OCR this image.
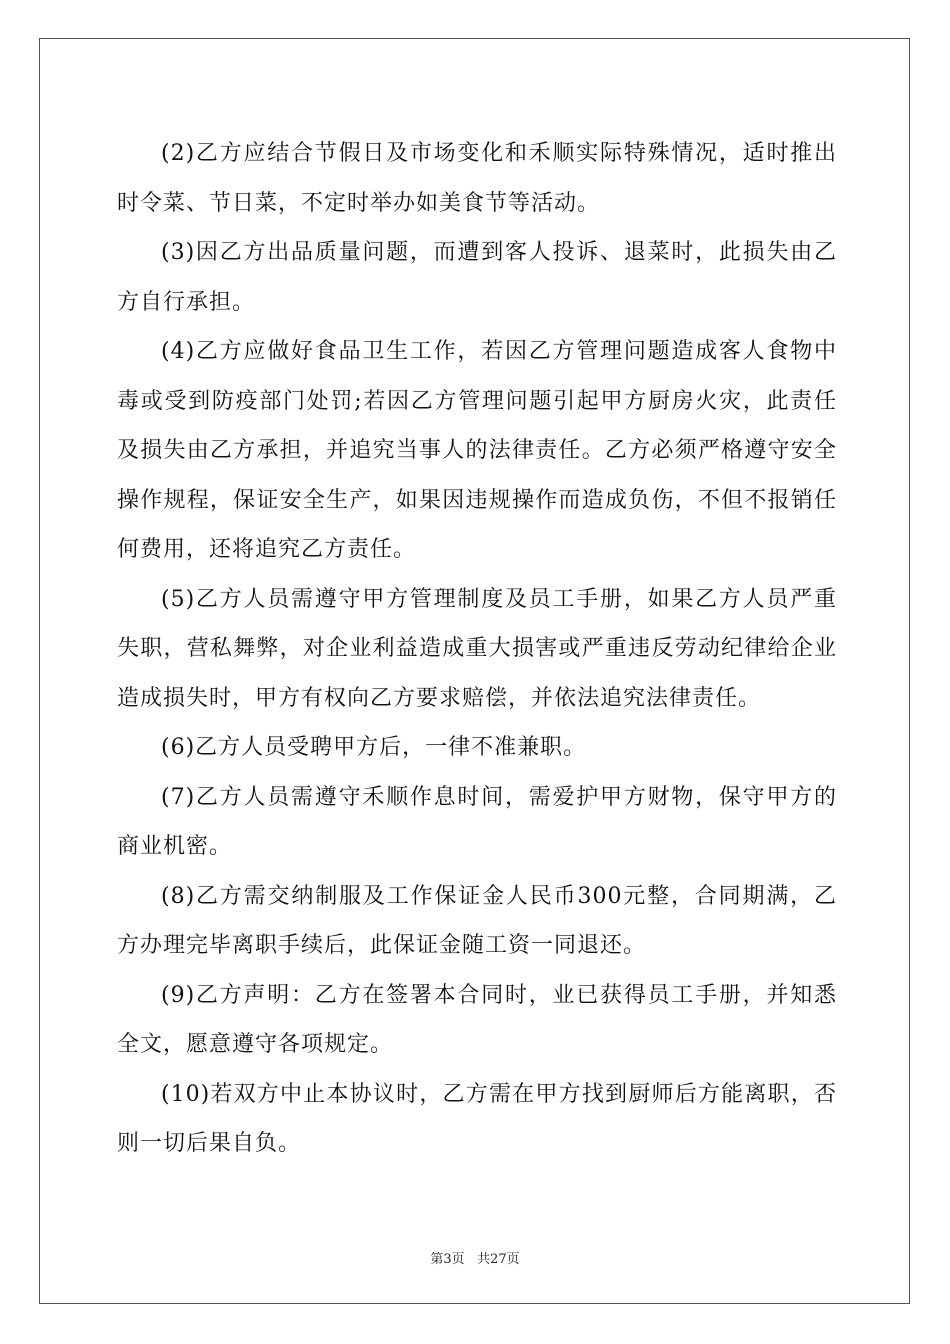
(2)乙方应结合节假日及市场变化和禾顺实际特殊情况，适时推出时令菜、节日菜，不定时举办如美食节等活动。

(3)因乙方出品质量问题，而遭到客人投诉、退菜时，此损失由乙方自行承担。

(4)乙方应做好食品卫生工作，若因乙方管理问题造成客人食物中毒或受到防疫部门处罚;若因乙方管理问题引起甲方厨房火灾，此责任及损失由乙方承担，并追究当事人的法律责任。乙方必须严格遵守安全操作规程，保证安全生产，如果因违规操作而造成负伤，不但不报销任何费用，还将追究乙方责任。

(5)乙方人员需遵守甲方管理制度及员工手册，如果乙方人员严重失职，营私舞弊，对企业利益造成重大损害或严重违反劳动纪律给企业造成损失时，甲方有权向乙方要求赔偿，并依法追究法律责任。

(6)乙方人员受聘甲方后，一律不准兼职。

(7)乙方人员需遵守禾顺作息时间，需爱护甲方财物，保守甲方的商业机密。

(8)乙方需交纳制服及工作保证金人民币300元整，合同期满，乙方办理完毕离职手续后，此保证金随工资一同退还。

(9)乙方声明：乙方在签署本合同时，业已获得员工手册，并知悉全文，愿意遵守各项规定。

(10)若双方中止本协议时，乙方需在甲方找到厨师后方能离职，否则一切后果自负。

第3页 共27页
